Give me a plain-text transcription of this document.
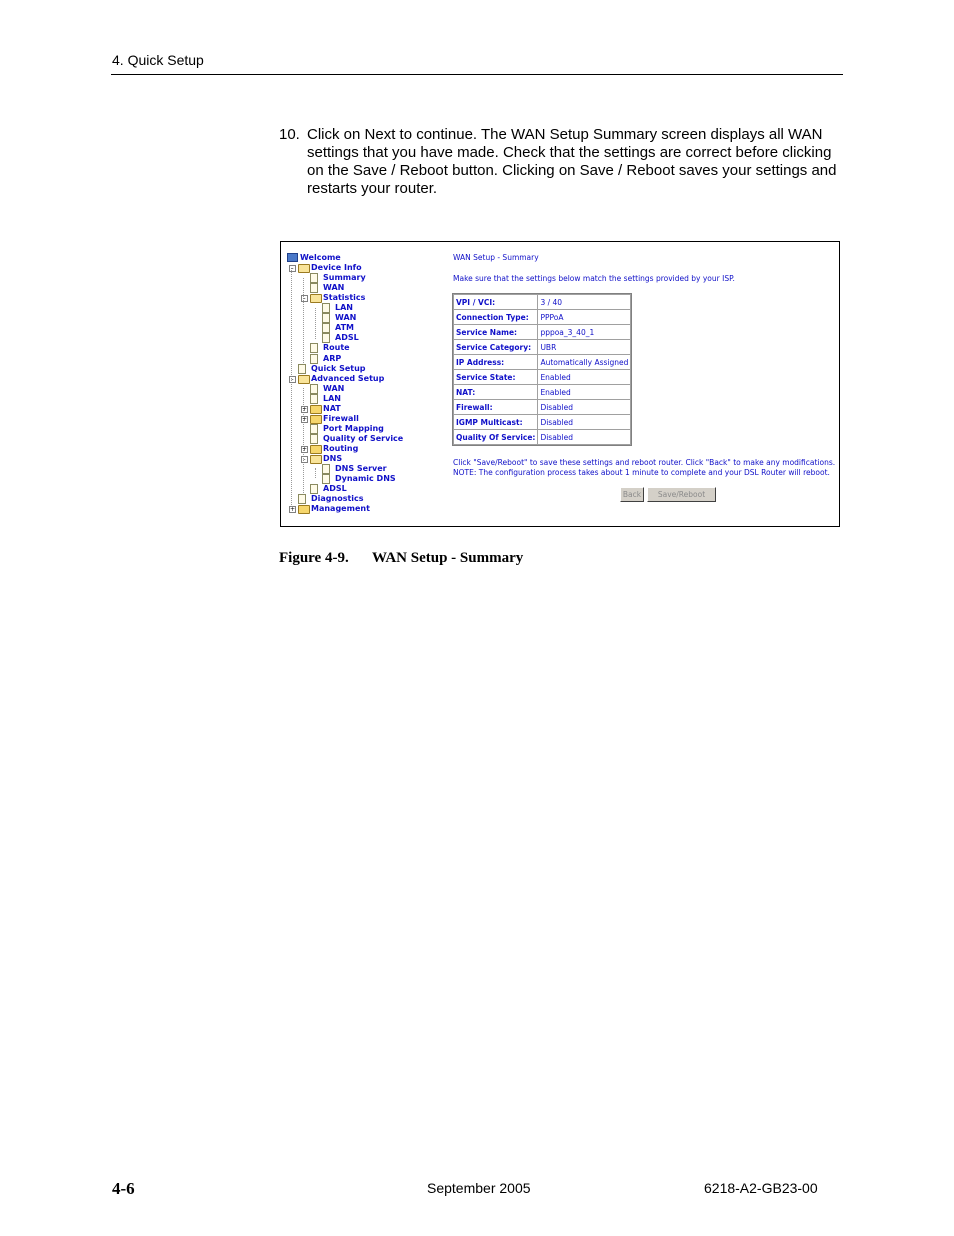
4. Quick Setup
10. Click on Next to continue. The WAN Setup Summary screen displays all WAN settings that you have made. Check that the settings are correct before clicking on the Save / Reboot button. Clicking on Save / Reboot saves your settings and restarts your router.
Welcome
-	Device Info
Summary
WAN
-	Statistics
LAN
WAN
ATM
ADSL
Route
ARP
Quick Setup
-	Advanced Setup
WAN
LAN
+ NAT
+ Firewall
Port Mapping
Quality of Service
+ Routing
-	DNS
DNS Server
Dynamic DNS
ADSL
Diagnostics
+ Management
WAN Setup - Summary
Make sure that the settings below match the settings provided by your ISP.
VPI / VCI:	3 / 40
Connection Type:	PPPoA
Service Name:	pppoa_3_40_1
Service Category:	UBR
IP Address:	Automatically Assigned
Service State:	Enabled
NAT:	Enabled
Firewall:	Disabled
IGMP Multicast:	Disabled
Quality Of Service:	Disabled
Click "Save/Reboot" to save these settings and reboot router. Click "Back" to make any modifications.
NOTE: The configuration process takes about 1 minute to complete and your DSL Router will reboot.
Back	Save/Reboot
Figure 4-9. WAN Setup - Summary
4-6	September 2005	6218-A2-GB23-00
